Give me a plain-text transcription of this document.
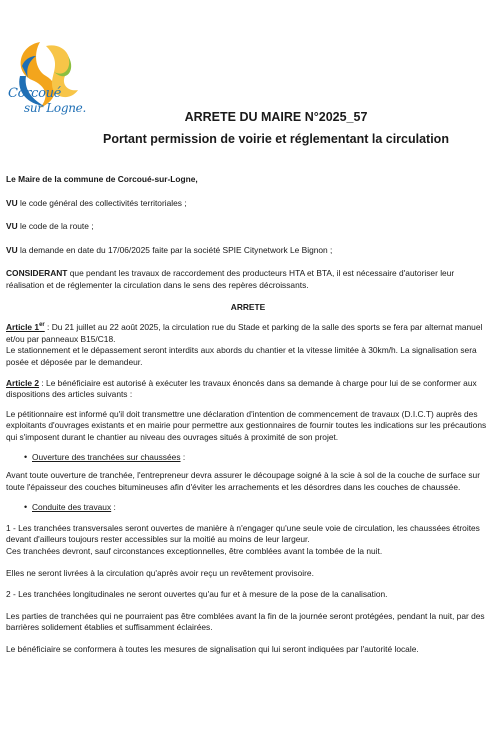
Corcoué
sur Logne.
ARRETE DU MAIRE N°2025_57
Portant permission de voirie et réglementant la circulation

Le Maire de la commune de Corcoué-sur-Logne,

VU le code général des collectivités territoriales ;

VU le code de la route ;

VU la demande en date du 17/06/2025 faite par la société SPIE Citynetwork Le Bignon ;

CONSIDERANT que pendant les travaux de raccordement des producteurs HTA et BTA, il est nécessaire d'autoriser leur réalisation et de réglementer la circulation dans le sens des repères décroissants.

ARRETE

Article 1er : Du 21 juillet au 22 août 2025, la circulation rue du Stade et parking de la salle des sports se fera par alternat manuel et/ou par panneaux B15/C18.

Le stationnement et le dépassement seront interdits aux abords du chantier et la vitesse limitée à 30km/h. La signalisation sera posée et déposée par le demandeur.

Article 2 : Le bénéficiaire est autorisé à exécuter les travaux énoncés dans sa demande à charge pour lui de se conformer aux dispositions des articles suivants :

Le pétitionnaire est informé qu'il doit transmettre une déclaration d'intention de commencement de travaux (D.I.C.T) auprès des exploitants d'ouvrages existants et en mairie pour permettre aux gestionnaires de fournir toutes les indications sur les précautions qui s'imposent durant le chantier au niveau des ouvrages situés à proximité de son projet.

• Ouverture des tranchées sur chaussées :

Avant toute ouverture de tranchée, l'entrepreneur devra assurer le découpage soigné à la scie à sol de la couche de surface sur toute l'épaisseur des couches bitumineuses afin d'éviter les arrachements et les désordres dans les couches de chaussée.

• Conduite des travaux :

1 - Les tranchées transversales seront ouvertes de manière à n'engager qu'une seule voie de circulation, les chaussées étroites devant d'ailleurs toujours rester accessibles sur la moitié au moins de leur largeur.

Ces tranchées devront, sauf circonstances exceptionnelles, être comblées avant la tombée de la nuit.

Elles ne seront livrées à la circulation qu'après avoir reçu un revêtement provisoire.

2 - Les tranchées longitudinales ne seront ouvertes qu'au fur et à mesure de la pose de la canalisation.

Les parties de tranchées qui ne pourraient pas être comblées avant la fin de la journée seront protégées, pendant la nuit, par des barrières solidement établies et suffisamment éclairées.

Le bénéficiaire se conformera à toutes les mesures de signalisation qui lui seront indiquées par l'autorité locale.
